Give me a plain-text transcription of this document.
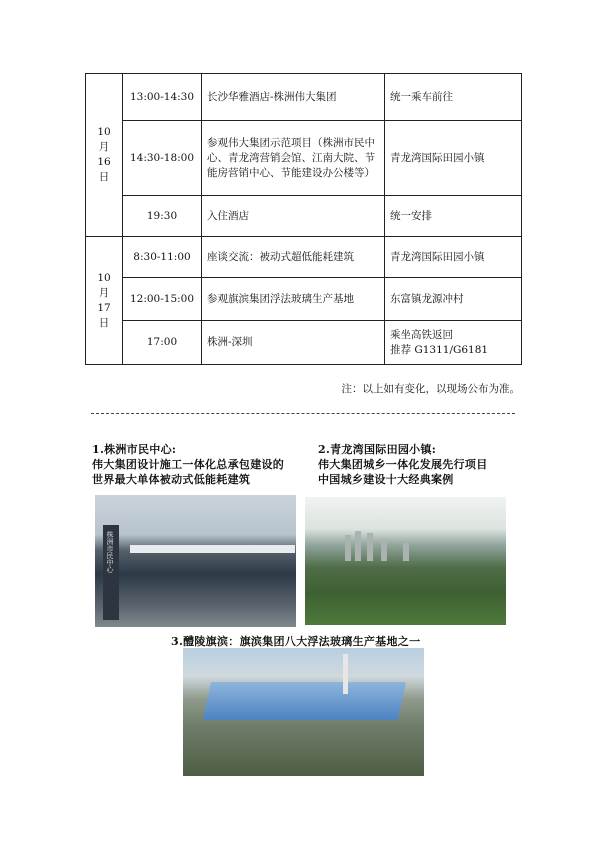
10
月
16
日	13:00-14:30	长沙华雅酒店-株洲伟大集团	统一乘车前往
	14:30-18:00	参观伟大集团示范项目（株洲市民中心、青龙湾营销会馆、江南大院、节能房营销中心、节能建设办公楼等）	青龙湾国际田园小镇
	19:30	入住酒店	统一安排
10
月
17
日	8:30-11:00	座谈交流：被动式超低能耗建筑	青龙湾国际田园小镇
	12:00-15:00	参观旗滨集团浮法玻璃生产基地	东富镇龙源冲村
	17:00	株洲-深圳	乘坐高铁返回
推荐 G1311/G6181
注：以上如有变化，以现场公布为准。
1.株洲市民中心:
伟大集团设计施工一体化总承包建设的
世界最大单体被动式低能耗建筑
2.青龙湾国际田园小镇:
伟大集团城乡一体化发展先行项目
中国城乡建设十大经典案例
株洲市民中心
3.醴陵旗滨：旗滨集团八大浮法玻璃生产基地之一
